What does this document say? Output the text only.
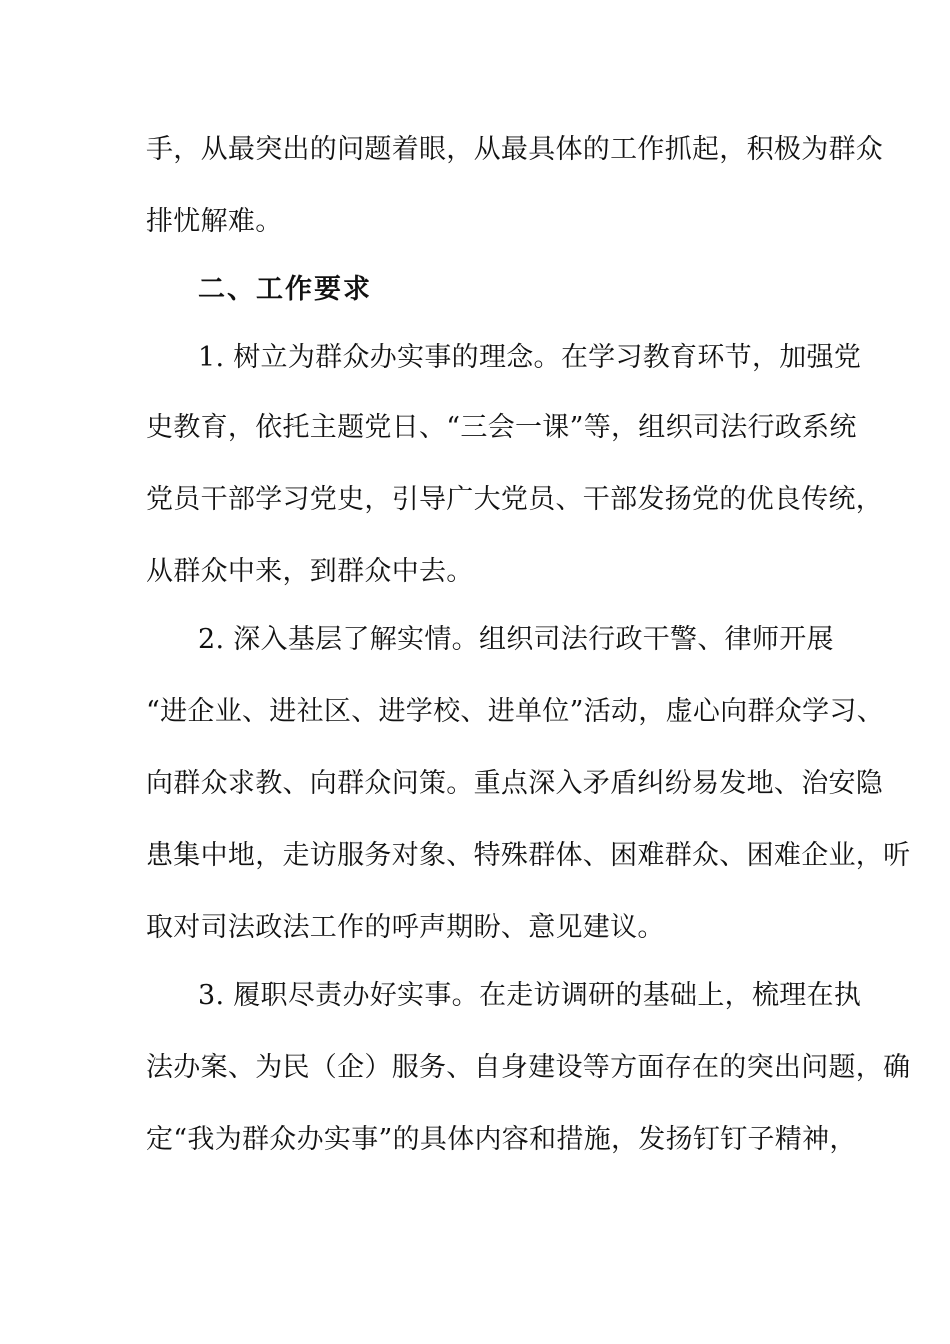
手，从最突出的问题着眼，从最具体的工作抓起，积极为群众
排忧解难。
二、工作要求
1. 树立为群众办实事的理念。在学习教育环节，加强党
史教育，依托主题党日、“三会一课”等，组织司法行政系统
党员干部学习党史，引导广大党员、干部发扬党的优良传统，
从群众中来，到群众中去。
2. 深入基层了解实情。组织司法行政干警、律师开展
“进企业、进社区、进学校、进单位”活动，虚心向群众学习、
向群众求教、向群众问策。重点深入矛盾纠纷易发地、治安隐
患集中地，走访服务对象、特殊群体、困难群众、困难企业，听
取对司法政法工作的呼声期盼、意见建议。
3. 履职尽责办好实事。在走访调研的基础上，梳理在执
法办案、为民（企）服务、自身建设等方面存在的突出问题，确
定“我为群众办实事”的具体内容和措施，发扬钉钉子精神，
